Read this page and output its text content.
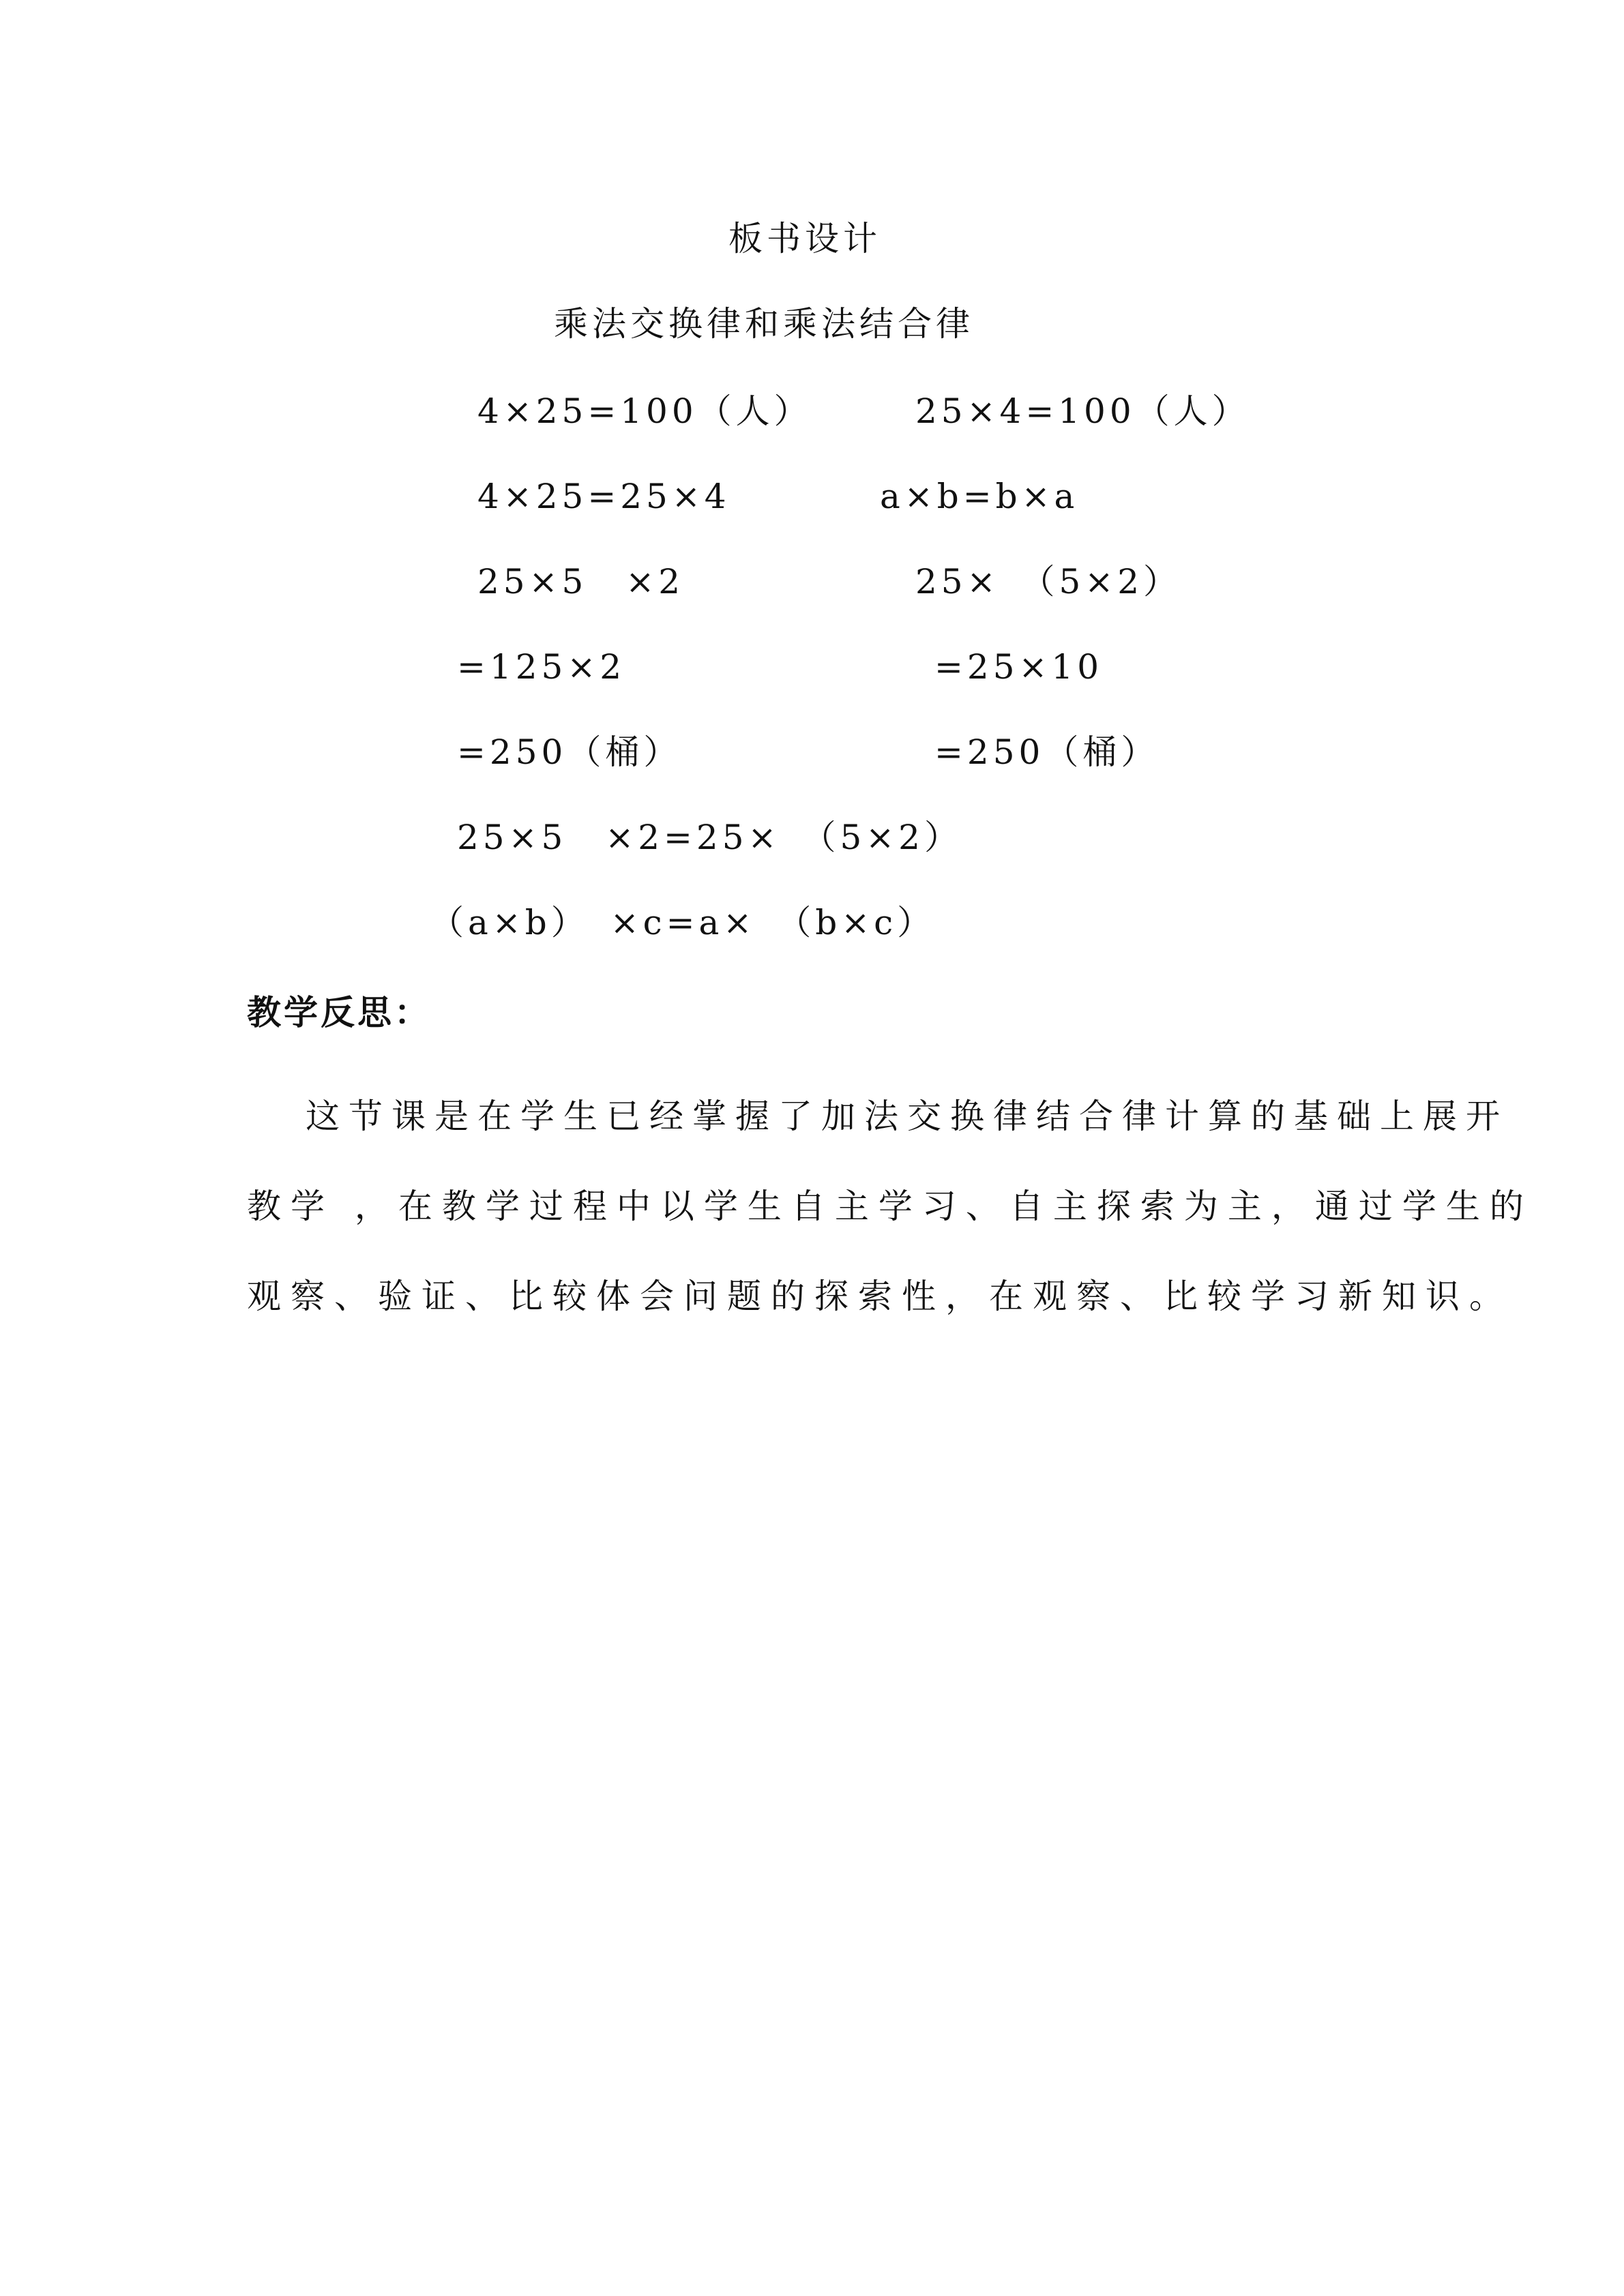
板书设计
乘法交换律和乘法结合律
4×25=100（人）	25×4=100（人）
4×25=25×4	a×b=b×a
25×5　×2	25×　（5×2）
=125×2	=25×10
=250（桶）	=250（桶）
25×5　×2=25×　（5×2）
（a×b）　×c=a×　（b×c）
教学反思：
这节课是在学生已经掌握了加法交换律结合律计算的基础上展开
教学 ，在教学过程中以学生自主学习、自主探索为主，通过学生的
观察、验证、比较体会问题的探索性，在观察、比较学习新知识。
